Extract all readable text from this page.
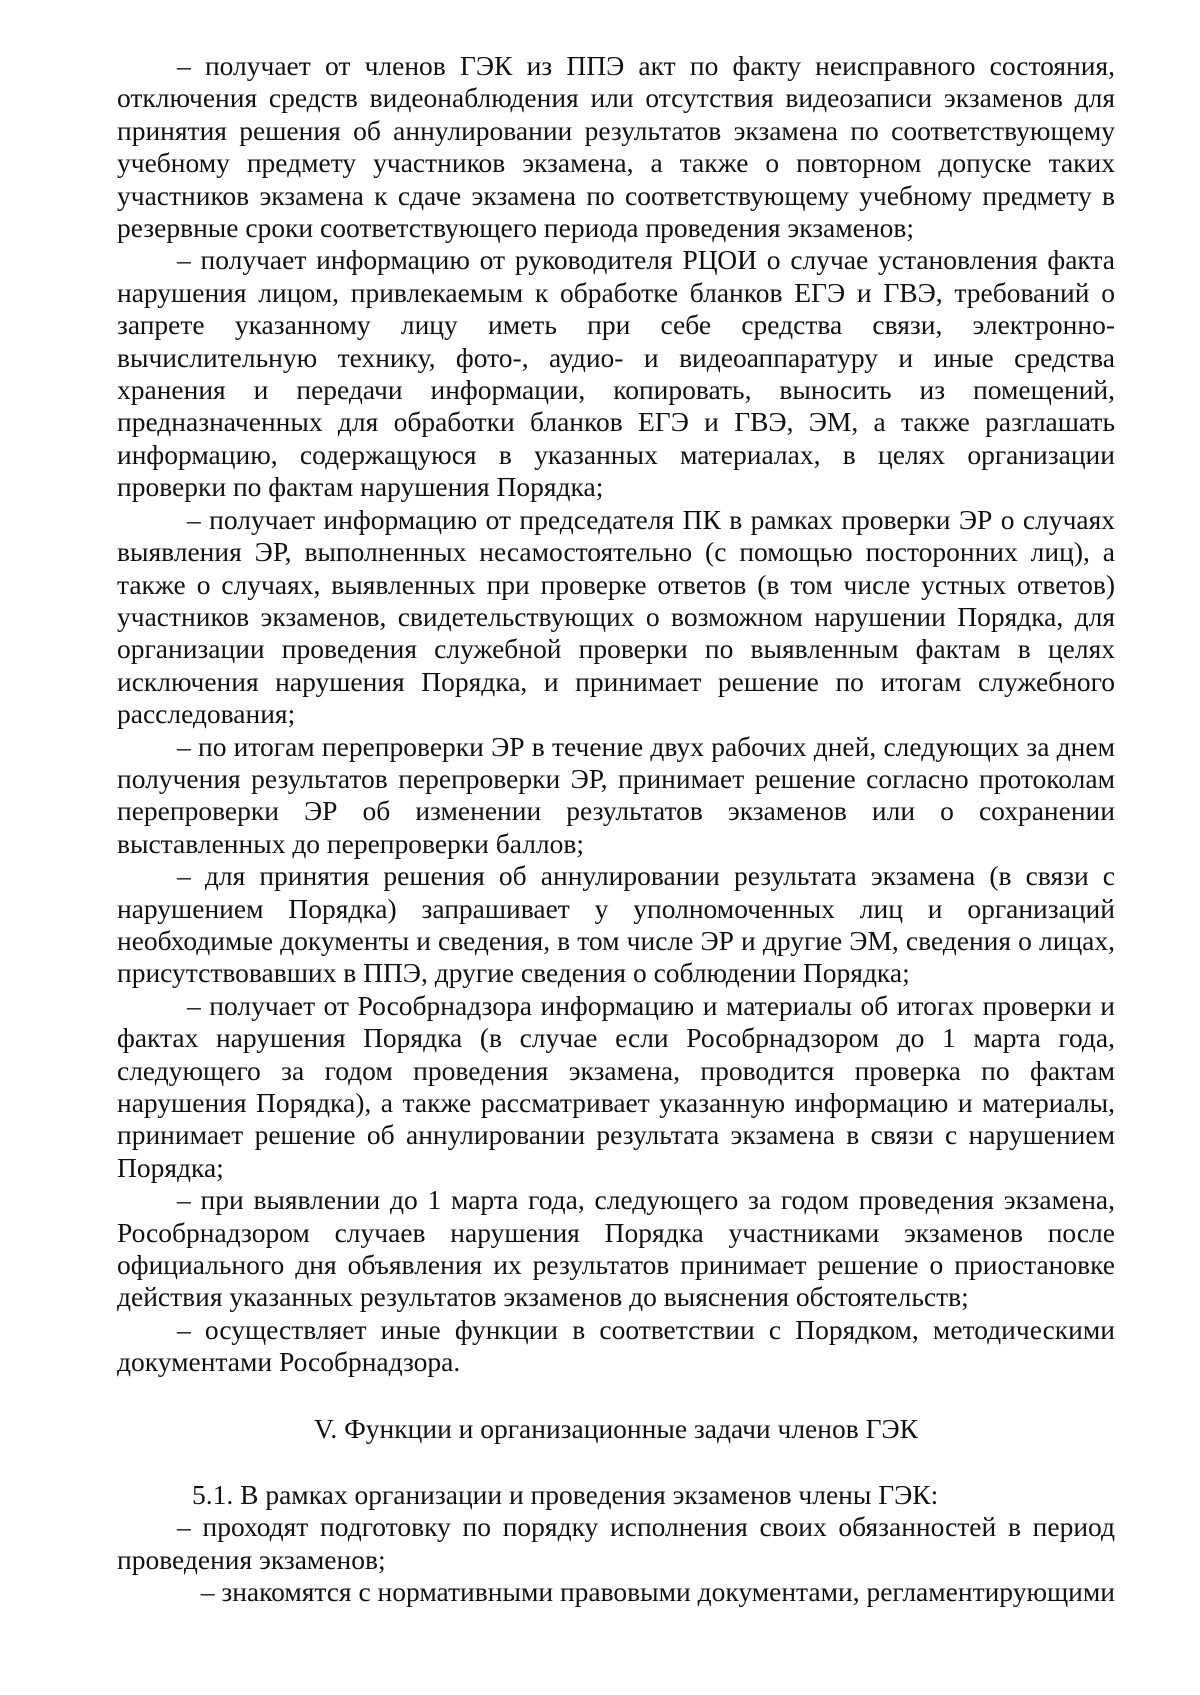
– получает от членов ГЭК из ППЭ акт по факту неисправного состояния, отключения средств видеонаблюдения или отсутствия видеозаписи экзаменов для принятия решения об аннулировании результатов экзамена по соответствующему учебному предмету участников экзамена, а также о повторном допуске таких участников экзамена к сдаче экзамена по соответствующему учебному предмету в резервные сроки соответствующего периода проведения экзаменов;

– получает информацию от руководителя РЦОИ о случае установления факта нарушения лицом, привлекаемым к обработке бланков ЕГЭ и ГВЭ, требований о запрете указанному лицу иметь при себе средства связи, электронно-вычислительную технику, фото-, аудио- и видеоаппаратуру и иные средства хранения и передачи информации, копировать, выносить из помещений, предназначенных для обработки бланков ЕГЭ и ГВЭ, ЭМ, а также разглашать информацию, содержащуюся в указанных материалах, в целях организации проверки по фактам нарушения Порядка;

– получает информацию от председателя ПК в рамках проверки ЭР о случаях выявления ЭР, выполненных несамостоятельно (с помощью посторонних лиц), а также о случаях, выявленных при проверке ответов (в том числе устных ответов) участников экзаменов, свидетельствующих о возможном нарушении Порядка, для организации проведения служебной проверки по выявленным фактам в целях исключения нарушения Порядка, и принимает решение по итогам служебного расследования;

– по итогам перепроверки ЭР в течение двух рабочих дней, следующих за днем получения результатов перепроверки ЭР, принимает решение согласно протоколам перепроверки ЭР об изменении результатов экзаменов или о сохранении выставленных до перепроверки баллов;

– для принятия решения об аннулировании результата экзамена (в связи с нарушением Порядка) запрашивает у уполномоченных лиц и организаций необходимые документы и сведения, в том числе ЭР и другие ЭМ, сведения о лицах, присутствовавших в ППЭ, другие сведения о соблюдении Порядка;

– получает от Рособрнадзора информацию и материалы об итогах проверки и фактах нарушения Порядка (в случае если Рособрнадзором до 1 марта года, следующего за годом проведения экзамена, проводится проверка по фактам нарушения Порядка), а также рассматривает указанную информацию и материалы, принимает решение об аннулировании результата экзамена в связи с нарушением Порядка;

– при выявлении до 1 марта года, следующего за годом проведения экзамена, Рособрнадзором случаев нарушения Порядка участниками экзаменов после официального дня объявления их результатов принимает решение о приостановке действия указанных результатов экзаменов до выяснения обстоятельств;

– осуществляет иные функции в соответствии с Порядком, методическими документами Рособрнадзора.

V. Функции и организационные задачи членов ГЭК

5.1. В рамках организации и проведения экзаменов члены ГЭК:

– проходят подготовку по порядку исполнения своих обязанностей в период проведения экзаменов;

– знакомятся с нормативными правовыми документами, регламентирующими
